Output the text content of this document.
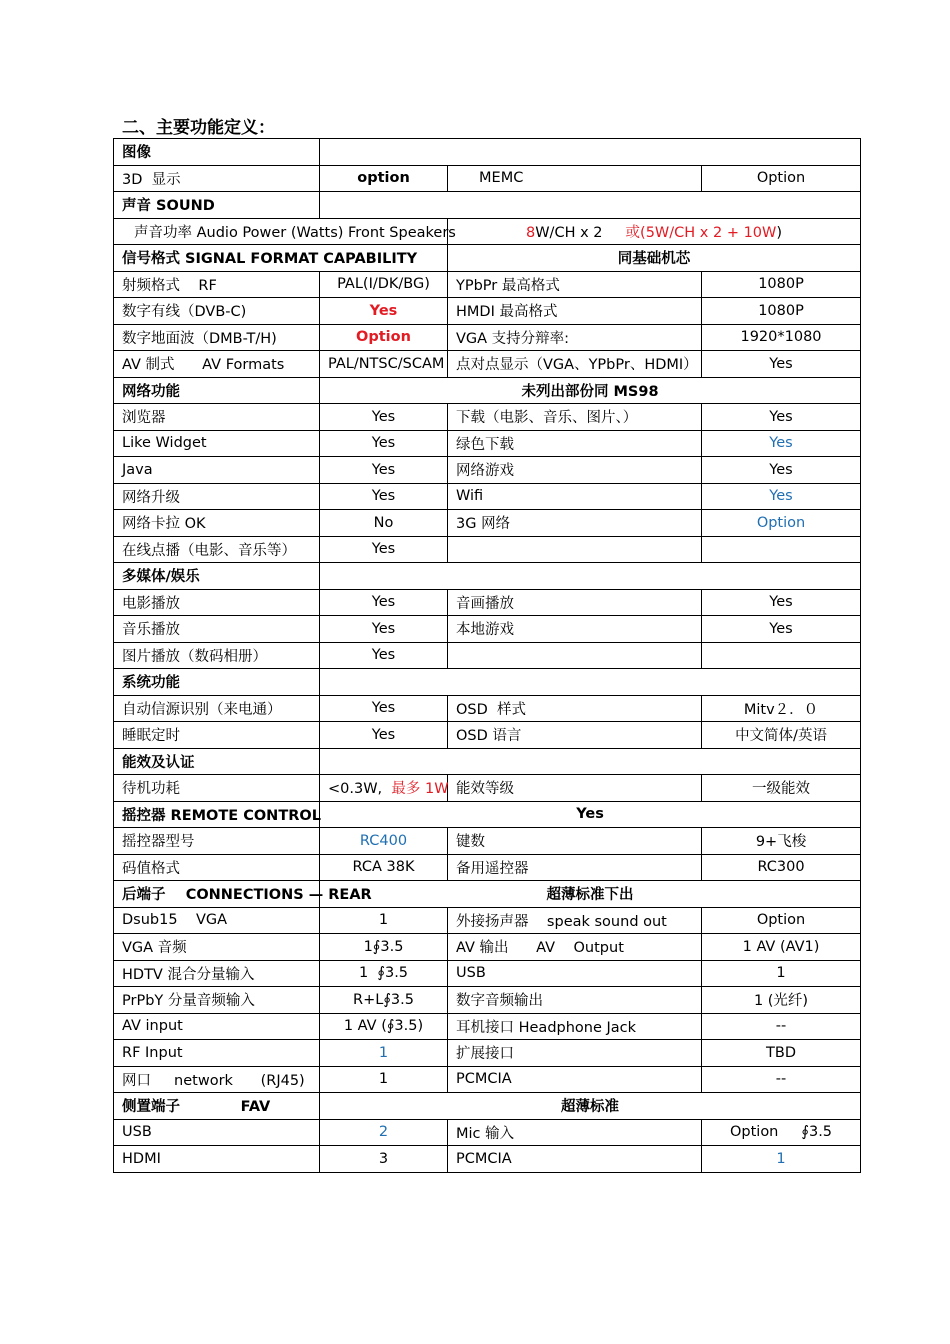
二、主要功能定义：
图像			
3D  显示	option	MEMC	Option
声音 SOUND			
声音功率 Audio Power (Watts) Front Speakers		8W/CH x 2     或(5W/CH x 2 + 10W)	
信号格式 SIGNAL FORMAT CAPABILITY		同基础机芯	
射频格式    RF	PAL(I/DK/BG)	YPbPr 最高格式	1080P
数字有线（DVB-C)	Yes	HMDI 最高格式	1080P
数字地面波（DMB-T/H)	Option	VGA 支持分辩率:	1920*1080
AV 制式      AV Formats	PAL/NTSC/SCAM	点对点显示（VGA、YPbPr、HDMI）	Yes
网络功能	未列出部份同 MS98		
浏览器	Yes	下载（电影、音乐、图片、）	Yes
Like Widget	Yes	绿色下载	Yes
Java	Yes	网络游戏	Yes
网络升级	Yes	Wifi	Yes
网络卡拉 OK	No	3G 网络	Option
在线点播（电影、音乐等）	Yes		
多媒体/娱乐			
电影播放	Yes	音画播放	Yes
音乐播放	Yes	本地游戏	Yes
图片播放（数码相册）	Yes		
系统功能			
自动信源识别（来电通）	Yes	OSD  样式	Mitv２．０
睡眠定时	Yes	OSD 语言	中文简体/英语
能效及认证			
待机功耗	<0.3W,  最多 1W	能效等级	一级能效
摇控器 REMOTE CONTROL	Yes		
摇控器型号	RC400	键数	9+飞梭
码值格式	RCA 38K	备用遥控器	RC300
后端子    CONNECTIONS — REAR	超薄标准下出		
Dsub15    VGA	1	外接扬声器    speak sound out	Option
VGA 音频	1∮3.5	AV 输出      AV    Output	1 AV (AV1)
HDTV 混合分量输入	1  ∮3.5	USB	1
PrPbY 分量音频输入	R+L∮3.5	数字音频输出	1 (光纤)
AV input	1 AV (∮3.5)	耳机接口 Headphone Jack	--
RF Input	1	扩展接口	TBD
网口     network      (RJ45)	1	PCMCIA	--
侧置端子            FAV	超薄标准		
USB	2	Mic 输入	Option     ∮3.5
HDMI	3	PCMCIA	1
